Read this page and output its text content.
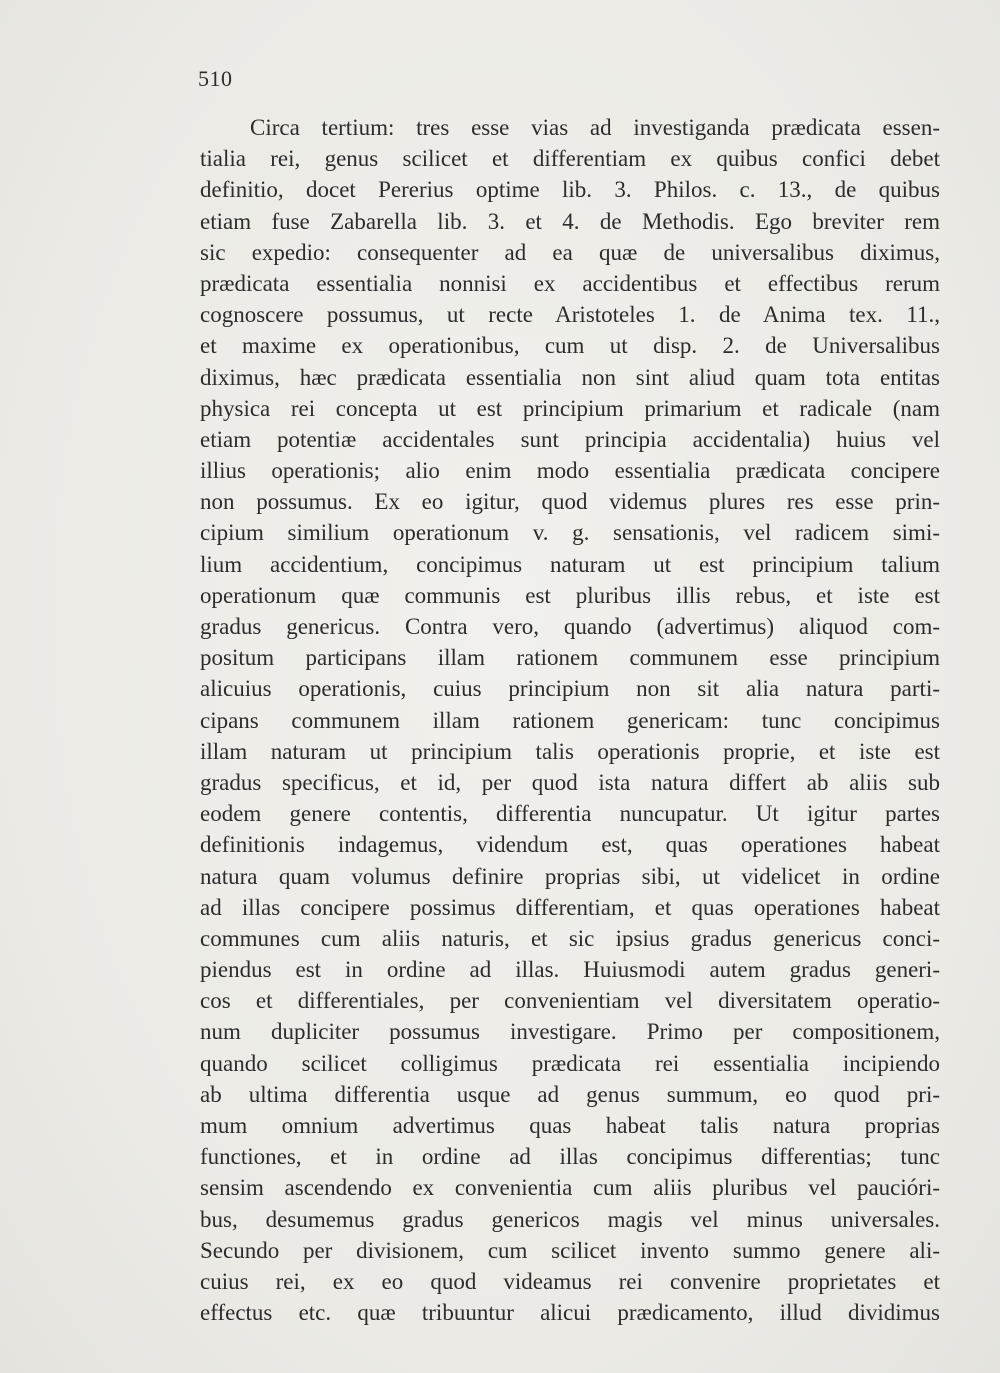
510
Circa tertium: tres esse vias ad investiganda prædicata essen-
tialia rei, genus scilicet et differentiam ex quibus confici debet
definitio, docet Pererius optime lib. 3. Philos. c. 13., de quibus
etiam fuse Zabarella lib. 3. et 4. de Methodis. Ego breviter rem
sic expedio: consequenter ad ea quæ de universalibus diximus,
prædicata essentialia nonnisi ex accidentibus et effectibus rerum
cognoscere possumus, ut recte Aristoteles 1. de Anima tex. 11.,
et maxime ex operationibus, cum ut disp. 2. de Universalibus
diximus, hæc prædicata essentialia non sint aliud quam tota entitas
physica rei concepta ut est principium primarium et radicale (nam
etiam potentiæ accidentales sunt principia accidentalia) huius vel
illius operationis; alio enim modo essentialia prædicata concipere
non possumus. Ex eo igitur, quod videmus plures res esse prin-
cipium similium operationum v. g. sensationis, vel radicem simi-
lium accidentium, concipimus naturam ut est principium talium
operationum quæ communis est pluribus illis rebus, et iste est
gradus genericus. Contra vero, quando (advertimus) aliquod com-
positum participans illam rationem communem esse principium
alicuius operationis, cuius principium non sit alia natura parti-
cipans communem illam rationem genericam: tunc concipimus
illam naturam ut principium talis operationis proprie, et iste est
gradus specificus, et id, per quod ista natura differt ab aliis sub
eodem genere contentis, differentia nuncupatur. Ut igitur partes
definitionis indagemus, videndum est, quas operationes habeat
natura quam volumus definire proprias sibi, ut videlicet in ordine
ad illas concipere possimus differentiam, et quas operationes habeat
communes cum aliis naturis, et sic ipsius gradus genericus conci-
piendus est in ordine ad illas. Huiusmodi autem gradus generi-
cos et differentiales, per convenientiam vel diversitatem operatio-
num dupliciter possumus investigare. Primo per compositionem,
quando scilicet colligimus prædicata rei essentialia incipiendo
ab ultima differentia usque ad genus summum, eo quod pri-
mum omnium advertimus quas habeat talis natura proprias
functiones, et in ordine ad illas concipimus differentias; tunc
sensim ascendendo ex convenientia cum aliis pluribus vel paucióri-
bus, desumemus gradus genericos magis vel minus universales.
Secundo per divisionem, cum scilicet invento summo genere ali-
cuius rei, ex eo quod videamus rei convenire proprietates et
effectus etc. quæ tribuuntur alicui prædicamento, illud dividimus
